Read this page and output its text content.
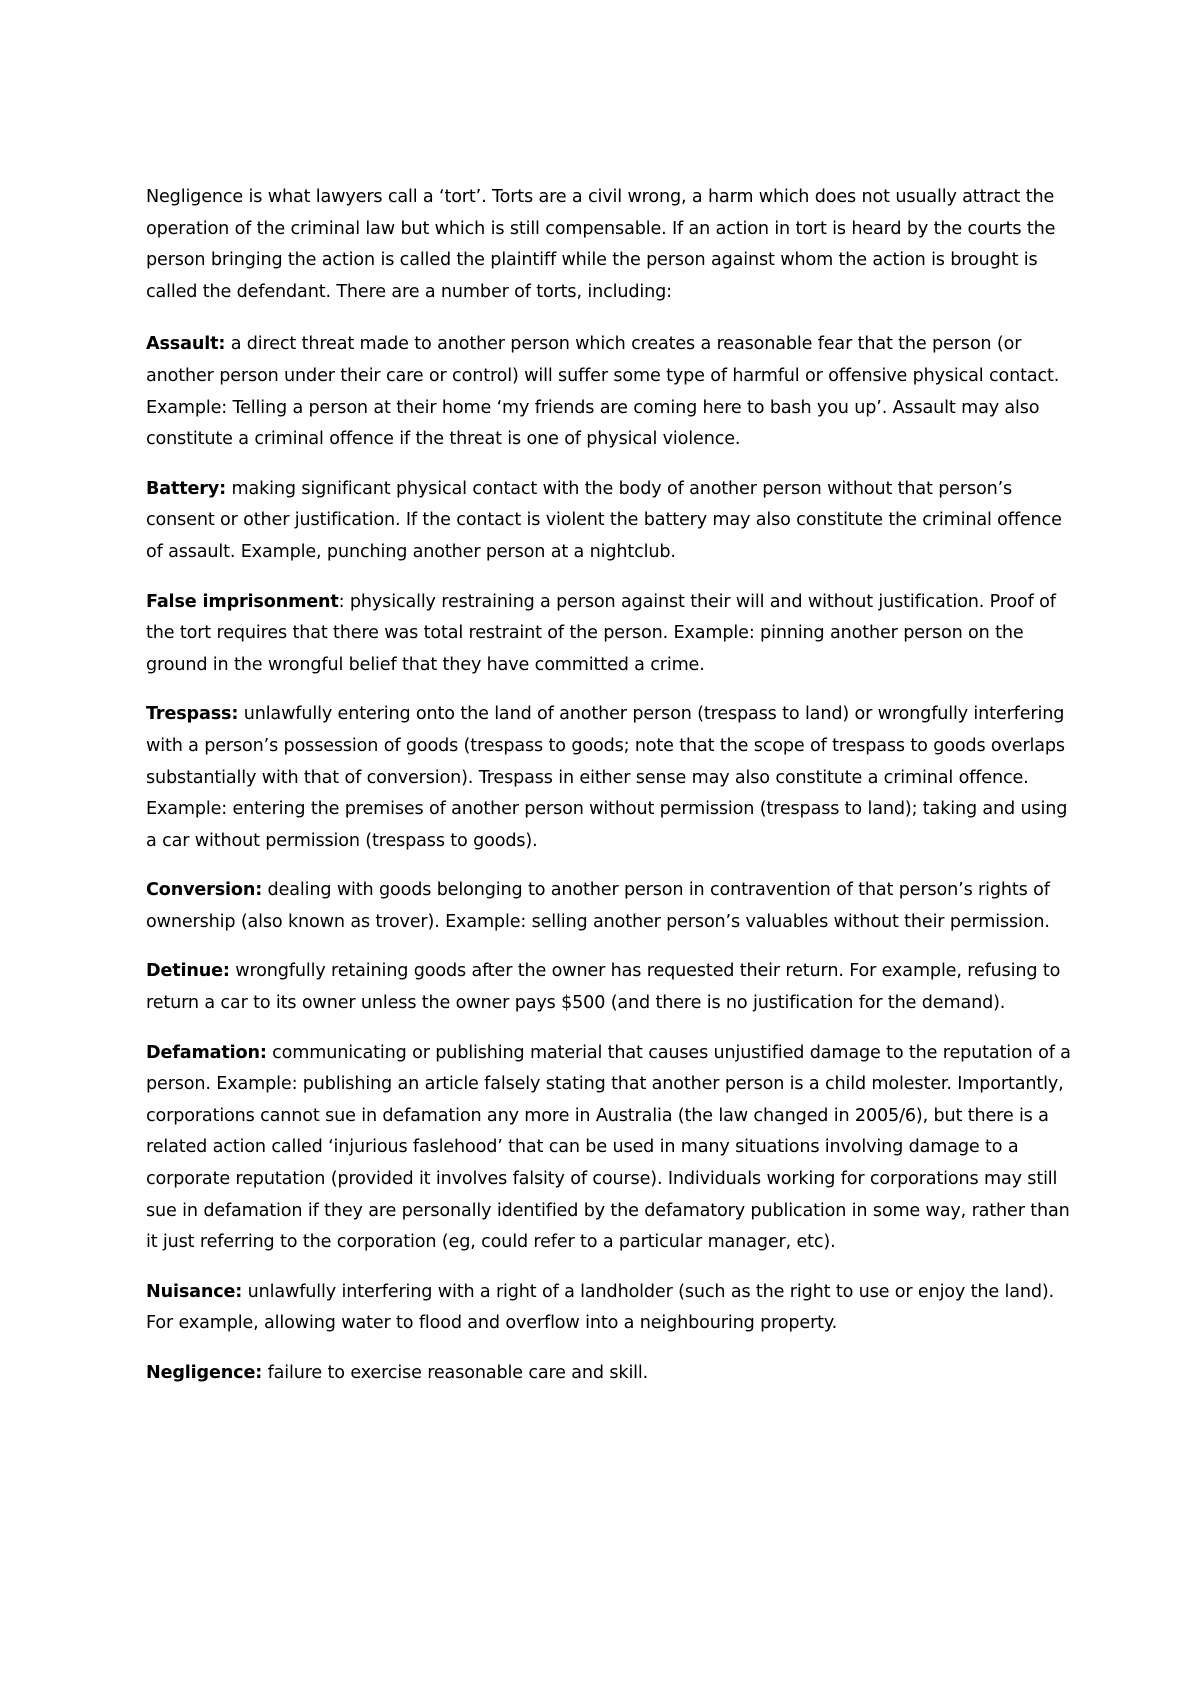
Negligence is what lawyers call a ‘tort’. Torts are a civil wrong, a harm which does not usually attract the operation of the criminal law but which is still compensable. If an action in tort is heard by the courts the person bringing the action is called the plaintiff while the person against whom the action is brought is called the defendant. There are a number of torts, including:

Assault: a direct threat made to another person which creates a reasonable fear that the person (or another person under their care or control) will suffer some type of harmful or offensive physical contact. Example: Telling a person at their home ‘my friends are coming here to bash you up’. Assault may also constitute a criminal offence if the threat is one of physical violence.

Battery: making significant physical contact with the body of another person without that person’s consent or other justification. If the contact is violent the battery may also constitute the criminal offence of assault. Example, punching another person at a nightclub.

False imprisonment: physically restraining a person against their will and without justification. Proof of the tort requires that there was total restraint of the person. Example: pinning another person on the ground in the wrongful belief that they have committed a crime.

Trespass: unlawfully entering onto the land of another person (trespass to land) or wrongfully interfering with a person’s possession of goods (trespass to goods; note that the scope of trespass to goods overlaps substantially with that of conversion). Trespass in either sense may also constitute a criminal offence. Example: entering the premises of another person without permission (trespass to land); taking and using a car without permission (trespass to goods).

Conversion: dealing with goods belonging to another person in contravention of that person’s rights of ownership (also known as trover). Example: selling another person’s valuables without their permission.

Detinue: wrongfully retaining goods after the owner has requested their return. For example, refusing to return a car to its owner unless the owner pays $500 (and there is no justification for the demand).

Defamation: communicating or publishing material that causes unjustified damage to the reputation of a person. Example: publishing an article falsely stating that another person is a child molester. Importantly, corporations cannot sue in defamation any more in Australia (the law changed in 2005/6), but there is a related action called ‘injurious faslehood’ that can be used in many situations involving damage to a corporate reputation (provided it involves falsity of course). Individuals working for corporations may still sue in defamation if they are personally identified by the defamatory publication in some way, rather than it just referring to the corporation (eg, could refer to a particular manager, etc).

Nuisance: unlawfully interfering with a right of a landholder (such as the right to use or enjoy the land). For example, allowing water to flood and overflow into a neighbouring property.

Negligence: failure to exercise reasonable care and skill.
